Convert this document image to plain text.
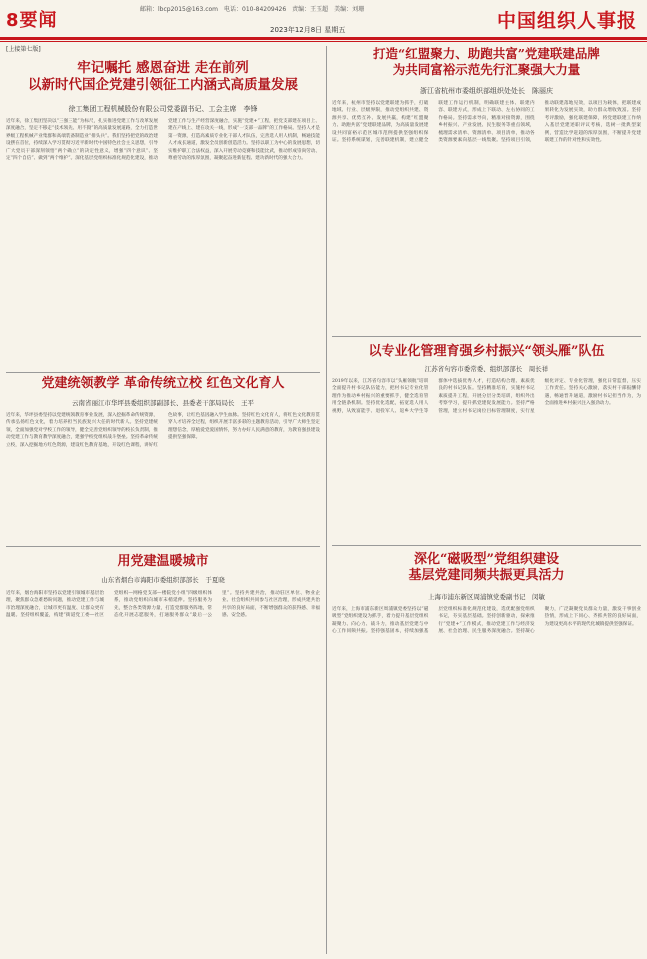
8要闻
邮箱：lbcp2015@163.com　电话：010-84209426　责编：王玉超　美编：刘珊
中国组织人事报
2023年12月8日 星期五
[上接第七版]
牢记嘱托 感恩奋进 走在前列
以新时代国企党建引领征工内涵式高质量发展
徐工集团工程机械股份有限公司党委副书记、工会主席　李锋
近年来，徐工集团坚决以“三强三能”为标尺，扎实推进党建工作与改革发展深度融合，坚定不移走“技术领先、用不毁”的高质量发展道路，全力打造世界级工程机械产业集群和高端装备制造业“排头兵”。我们坚持把党的政治建设摆在首位，持续深入学习贯彻习近平新时代中国特色社会主义思想，引导广大党员干部深刻领悟“两个确立”的决定性意义，增强“四个意识”、坚定“四个自信”、做到“两个维护”。深化基层党组织标准化规范化建设，推动党建工作与生产经营深度融合，实施“党建+”工程，把党支部建在项目上、建在产线上、建在攻关一线，形成“一支部一品牌”的工作格局。坚持人才是第一资源，打造高素质专业化干部人才队伍，完善选人用人机制，畅通技能人才成长通道，激发全员创新创造活力。坚持以职工为中心的发展思想，切实维护职工合法权益，深入开展劳动竞赛和技能比武，推动形成崇尚劳动、尊重劳动的浓厚氛围，凝聚起奋进新征程、建功新时代的强大合力。
打造“红盟聚力、助跑共富”党建联建品牌
为共同富裕示范先行汇聚强大力量
浙江省杭州市委组织部组织处处长　陈丽庆
近年来，杭州市坚持以党建联建为抓手，打破地域、行业、层级界限，推动党组织共建、资源共享、优势互补、发展共赢，构建“红盟聚力、助跑共富”党建联建品牌，为高质量发展建设共同富裕示范区城市范例提供坚强组织保证。坚持系统谋划，完善联建机制，建立健全联建工作运行机制，明确联建主体、联建内容、联建方式，形成上下联动、左右协同的工作格局。坚持需求导向，精准对接资源，围绕乡村振兴、产业发展、民生服务等重点领域，梳理需求清单、资源清单、项目清单，推动各类资源要素向基层一线集聚。坚持项目引领，推动联建落地见效，以项目为载体，把联建成果转化为发展实效，助力群众增收致富。坚持考评激励，强化联建保障，将党建联建工作纳入基层党建述职评议考核，选树一批典型案例，营造比学赶超的浓厚氛围，不断提升党建联建工作的针对性和实效性。
党建统领教学 革命传统立校 红色文化育人
云南省丽江市华坪县委组织部副部长、县委老干部局局长　王平
近年来，华坪县委坚持以党建统领教育事业发展，深入挖掘革命传统资源，传承弘扬红色文化，着力培养担当民族复兴大任的时代新人。坚持党建统领，全面加强党对学校工作的领导，健全完善党组织领导的校长负责制，推动党建工作与教育教学深度融合，建强学校党组织战斗堡垒。坚持革命传统立校，深入挖掘地方红色资源，建设红色教育基地，开设红色课程，讲好红色故事，让红色基因融入学生血脉。坚持红色文化育人，将红色文化教育贯穿人才培养全过程，组织开展丰富多彩的主题教育活动，引导广大师生坚定理想信念，厚植爱党爱国情怀，努力办好人民满意的教育，为教育强县建设提供坚强保障。
以专业化管理育强乡村振兴“领头雁”队伍
江苏省句容市委常委、组织部部长　周长祥
2019年以来，江苏省句容市以“头雁领航”培训全面提升村书记队伍能力，把村书记专业化管理作为推动乡村振兴的重要抓手，健全选育管用全链条机制。坚持优化选配，拓宽选人用人视野，从致富能手、退役军人、返乡大学生等群体中选拔优秀人才，打造结构合理、素质优良的村书记队伍。坚持精准培育，实施村书记素质提升工程，开展分层分类培训，组织外出考察学习，提升抓党建促发展能力。坚持严格管理，建立村书记岗位目标管理制度，实行星级化评定、专业化管理，强化日常监督，压实工作责任。坚持关心激励，落实村干部报酬待遇，畅通晋升通道，激励村书记担当作为，为全面推进乡村振兴注入强劲动力。
用党建温暖城市
山东省烟台市海阳市委组织部部长　于夏晓
近年来，烟台海阳市坚持以党建引领城市基层治理，聚焦群众急难愁盼问题，推动党建工作与城市治理深度融合，让城市更有温度、让群众更有温暖。坚持组织覆盖，构建“街道党工委—社区党组织—网格党支部—楼院党小组”四级组织体系，推动党组织向城市末梢延伸。坚持服务为先，整合各类资源力量，打造党群服务阵地，常态化开展志愿服务，打通服务群众“最后一公里”。坚持共建共治，推动驻区单位、物业企业、社会组织共同参与社区治理，形成共建共治共享的良好局面，不断增强群众的获得感、幸福感、安全感。
深化“磁吸型”党组织建设
基层党建同频共振更具活力
上海市浦东新区周浦镇党委副书记　闵敏
近年来，上海市浦东新区周浦镇党委坚持以“磁吸型”党组织建设为抓手，着力提升基层党组织凝聚力、向心力、战斗力，推动基层党建与中心工作同频共振。坚持强基固本，持续加强基层党组织标准化规范化建设，选优配强党组织书记，夯实基层基础。坚持创新驱动，探索推行“党建+”工作模式，推动党建工作与经济发展、社会治理、民生服务深度融合。坚持凝心聚力，广泛凝聚党员群众力量，激发干事创业热情，形成上下同心、齐抓共管的良好局面，为建设更高水平的现代化城镇提供坚强保证。
